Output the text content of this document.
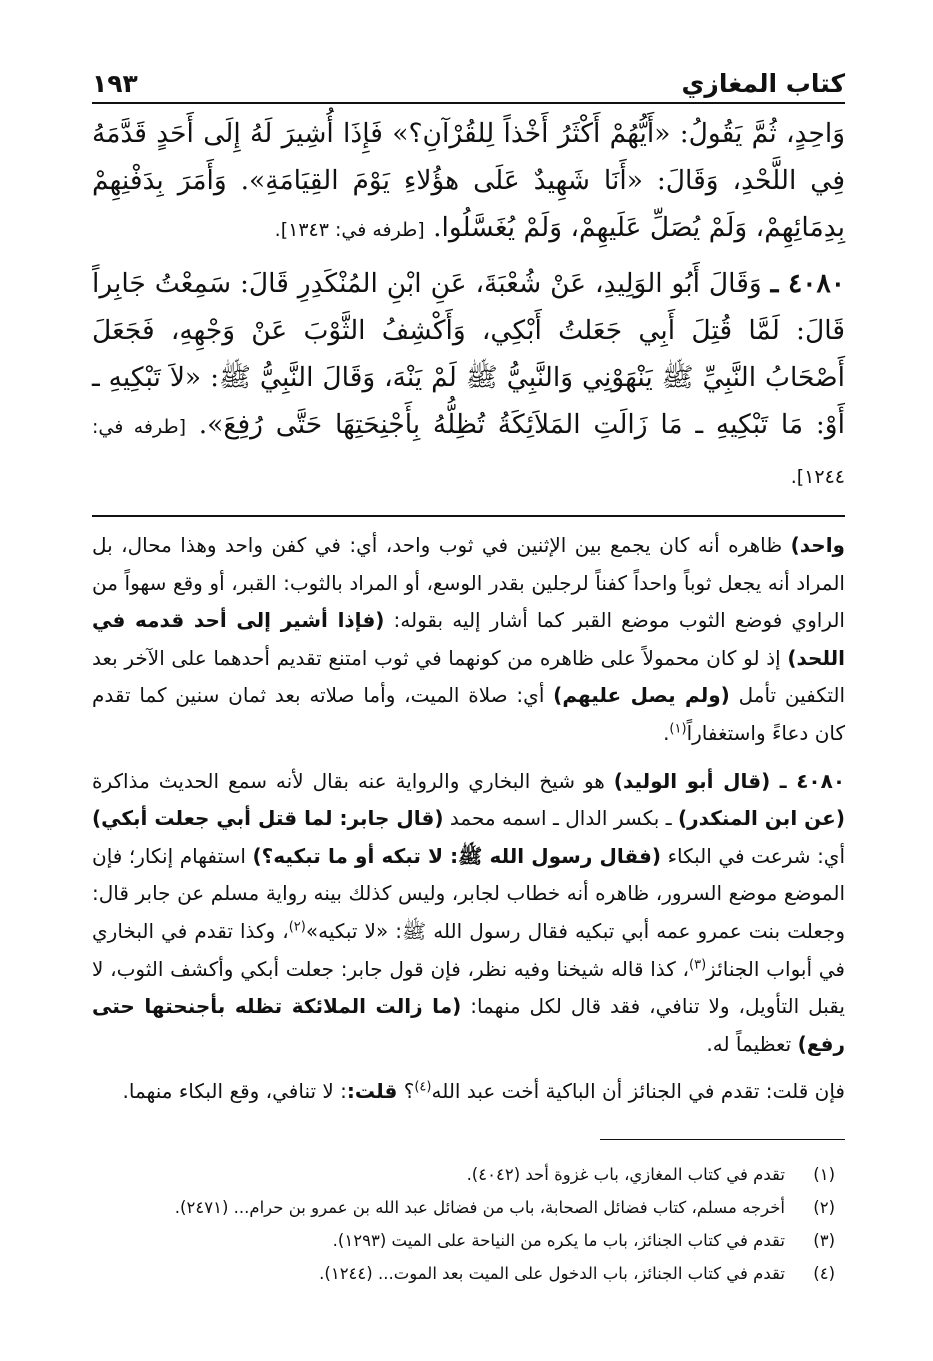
كتاب المغازي
١٩٣

وَاحِدٍ، ثُمَّ يَقُولُ: «أَيُّهُمْ أَكْثَرُ أَخْذاً لِلقُرْآنِ؟» فَإِذَا أُشِيرَ لَهُ إِلَى أَحَدٍ قَدَّمَهُ فِي اللَّحْدِ، وَقَالَ: «أَنَا شَهِيدٌ عَلَى هؤُلاءِ يَوْمَ القِيَامَةِ». وَأَمَرَ بِدَفْنِهِمْ بِدِمَائِهِمْ، وَلَمْ يُصَلِّ عَلَيهِمْ، وَلَمْ يُغَسَّلُوا. [طرفه في: ١٣٤٣].

٤٠٨٠ ـ وَقَالَ أَبُو الوَلِيدِ، عَنْ شُعْبَةَ، عَنِ ابْنِ المُنْكَدِرِ قَالَ: سَمِعْتُ جَابِراً قَالَ: لَمَّا قُتِلَ أَبِي جَعَلتُ أَبْكِي، وَأَكْشِفُ الثَّوْبَ عَنْ وَجْهِهِ، فَجَعَلَ أَصْحَابُ النَّبِيِّ ﷺ يَنْهَوْنِي وَالنَّبِيُّ ﷺ لَمْ يَنْهَ، وَقَالَ النَّبِيُّ ﷺ: «لاَ تَبْكِيهِ ـ أَوْ: مَا تَبْكِيهِ ـ مَا زَالَتِ المَلاَئِكَةُ تُظِلُّهُ بِأَجْنِحَتِهَا حَتَّى رُفِعَ». [طرفه في: ١٢٤٤].

واحد) ظاهره أنه كان يجمع بين الإثنين في ثوب واحد، أي: في كفن واحد وهذا محال، بل المراد أنه يجعل ثوباً واحداً كفناً لرجلين بقدر الوسع، أو المراد بالثوب: القبر، أو وقع سهواً من الراوي فوضع الثوب موضع القبر كما أشار إليه بقوله: (فإذا أشير إلى أحد قدمه في اللحد) إذ لو كان محمولاً على ظاهره من كونهما في ثوب امتنع تقديم أحدهما على الآخر بعد التكفين تأمل (ولم يصل عليهم) أي: صلاة الميت، وأما صلاته بعد ثمان سنين كما تقدم كان دعاءً واستغفاراً$^{(١)}$.

٤٠٨٠ ـ (قال أبو الوليد) هو شيخ البخاري والرواية عنه بقال لأنه سمع الحديث مذاكرة (عن ابن المنكدر) ـ بكسر الدال ـ اسمه محمد (قال جابر: لما قتل أبي جعلت أبكي) أي: شرعت في البكاء (فقال رسول الله ﷺ: لا تبكه أو ما تبكيه؟) استفهام إنكار؛ فإن الموضع موضع السرور، ظاهره أنه خطاب لجابر، وليس كذلك بينه رواية مسلم عن جابر قال: وجعلت بنت عمرو عمه أبي تبكيه فقال رسول الله ﷺ: «لا تبكيه»$^{(٢)}$، وكذا تقدم في البخاري في أبواب الجنائز$^{(٣)}$، كذا قاله شيخنا وفيه نظر، فإن قول جابر: جعلت أبكي وأكشف الثوب، لا يقبل التأويل، ولا تنافي، فقد قال لكل منهما: (ما زالت الملائكة تظله بأجنحتها حتى رفع) تعظيماً له.

فإن قلت: تقدم في الجنائز أن الباكية أخت عبد الله$^{(٤)}$؟ قلت:: لا تنافي، وقع البكاء منهما.

(١)
تقدم في كتاب المغازي، باب غزوة أحد (٤٠٤٢).
(٢)
أخرجه مسلم، كتاب فضائل الصحابة، باب من فضائل عبد الله بن عمرو بن حرام... (٢٤٧١).
(٣)
تقدم في كتاب الجنائز، باب ما يكره من النياحة على الميت (١٢٩٣).
(٤)
تقدم في كتاب الجنائز، باب الدخول على الميت بعد الموت... (١٢٤٤).
